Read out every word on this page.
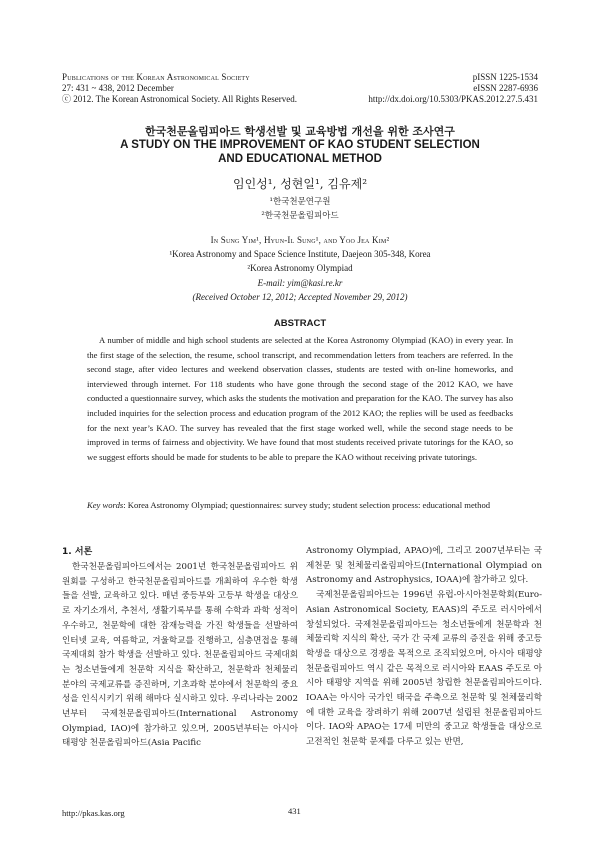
Publications of the Korean Astronomical Society
27: 431 ~ 438, 2012 December
ⓒ 2012. The Korean Astronomical Society. All Rights Reserved.
pISSN 1225-1534
eISSN 2287-6936
http://dx.doi.org/10.5303/PKAS.2012.27.5.431
한국천문올림피아드 학생선발 및 교육방법 개선을 위한 조사연구
A STUDY ON THE IMPROVEMENT OF KAO STUDENT SELECTION
AND EDUCATIONAL METHOD
임인성¹, 성현일¹, 김유제²
¹한국천문연구원
²한국천문올림피아드
In Sung Yim¹, Hyun-Il Sung¹, and Yoo Jea Kim²
¹Korea Astronomy and Space Science Institute, Daejeon 305-348, Korea
²Korea Astronomy Olympiad
E-mail: yim@kasi.re.kr
(Received October 12, 2012; Accepted November 29, 2012)
ABSTRACT

A number of middle and high school students are selected at the Korea Astronomy Olympiad (KAO) in every year. In the first stage of the selection, the resume, school transcript, and recommendation letters from teachers are referred. In the second stage, after video lectures and weekend observation classes, students are tested with on-line homeworks, and interviewed through internet. For 118 students who have gone through the second stage of the 2012 KAO, we have conducted a questionnaire survey, which asks the students the motivation and preparation for the KAO. The survey has also included inquiries for the selection process and education program of the 2012 KAO; the replies will be used as feedbacks for the next year’s KAO. The survey has revealed that the first stage worked well, while the second stage needs to be improved in terms of fairness and objectivity. We have found that most students received private tutorings for the KAO, so we suggest efforts should be made for students to be able to prepare the KAO without receiving private tutorings.

Key words: Korea Astronomy Olympiad; questionnaires: survey study; student selection process: educational method
1. 서론

한국천문올림피아드에서는 2001년 한국천문올림피아드 위원회를 구성하고 한국천문올림피아드를 개최하여 우수한 학생들을 선발, 교육하고 있다. 매년 중등부와 고등부 학생을 대상으로 자기소개서, 추천서, 생활기록부를 통해 수학과 과학 성적이 우수하고, 천문학에 대한 잠재능력을 가진 학생들을 선발하여 인터넷 교육, 여름학교, 겨울학교를 진행하고, 심층면접을 통해 국제대회 참가 학생을 선발하고 있다. 천문올림피아드 국제대회는 청소년들에게 천문학 지식을 확산하고, 천문학과 천체물리 분야의 국제교류를 증진하며, 기초과학 분야에서 천문학의 중요성을 인식시키기 위해 해마다 실시하고 있다. 우리나라는 2002년부터 국제천문올림피아드(International Astronomy Olympiad, IAO)에 참가하고 있으며, 2005년부터는 아시아 태평양 천문올림피아드(Asia Pacific

Astronomy Olympiad, APAO)에, 그리고 2007년부터는 국제천문 및 천체물리올림피아드(International Olympiad on Astronomy and Astrophysics, IOAA)에 참가하고 있다.

국제천문올림피아드는 1996년 유럽-아시아천문학회(Euro-Asian Astronomical Society, EAAS)의 주도로 러시아에서 창설되었다. 국제천문올림피아드는 청소년들에게 천문학과 천체물리학 지식의 확산, 국가 간 국제 교류의 증진을 위해 중고등학생을 대상으로 경쟁을 목적으로 조직되었으며, 아시아 태평양 천문올림피아드 역시 같은 목적으로 러시아와 EAAS 주도로 아시아 태평양 지역을 위해 2005년 창립한 천문올림피아드이다. IOAA는 아시아 국가인 태국을 주축으로 천문학 및 천체물리학에 대한 교육을 장려하기 위해 2007년 설립된 천문올림피아드이다. IAO와 APAO는 17세 미만의 중고교 학생들을 대상으로 고전적인 천문학 문제를 다루고 있는 반면,

http://pkas.kas.org	431
